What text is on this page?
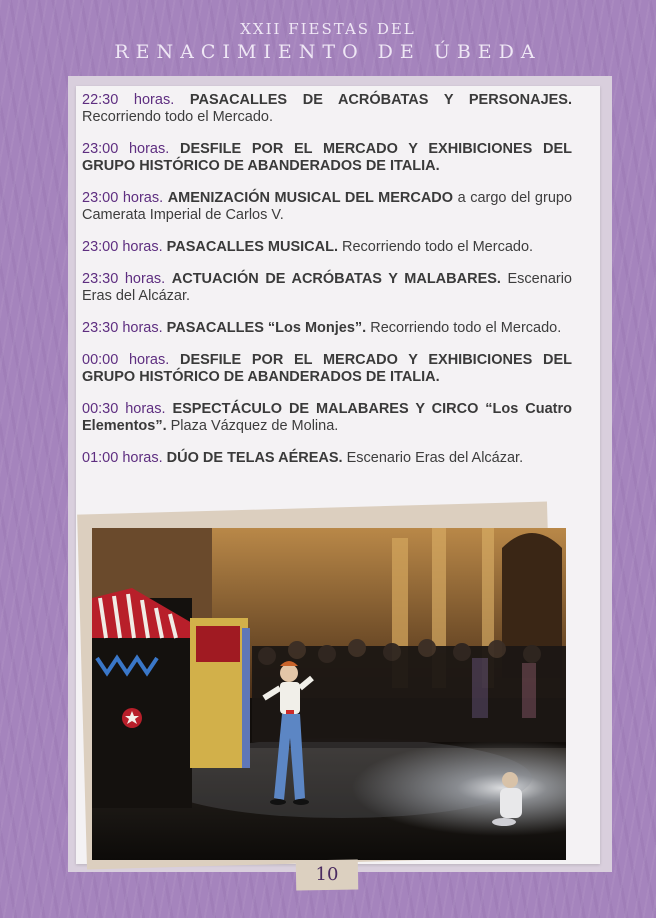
XXII FIESTAS DEL
RENACIMIENTO DE ÚBEDA

22:30 horas. PASACALLES DE ACRÓBATAS Y PERSONAJES. Recorriendo todo el Mercado.

23:00 horas. DESFILE POR EL MERCADO Y EXHIBICIONES DEL GRUPO HISTÓRICO DE ABANDERADOS DE ITALIA.

23:00 horas. AMENIZACIÓN MUSICAL DEL MERCADO a cargo del grupo Camerata Imperial de Carlos V.

23:00 horas. PASACALLES MUSICAL. Recorriendo todo el Mercado.

23:30 horas. ACTUACIÓN DE ACRÓBATAS Y MALABARES. Escenario Eras del Alcázar.

23:30 horas. PASACALLES “Los Monjes”. Recorriendo todo el Mercado.

00:00 horas. DESFILE POR EL MERCADO Y EXHIBICIONES DEL GRUPO HISTÓRICO DE ABANDERADOS DE ITALIA.

00:30 horas. ESPECTÁCULO DE MALABARES Y CIRCO “Los Cuatro Elementos”. Plaza Vázquez de Molina.

01:00 horas. DÚO DE TELAS AÉREAS. Escenario Eras del Alcázar.

10
